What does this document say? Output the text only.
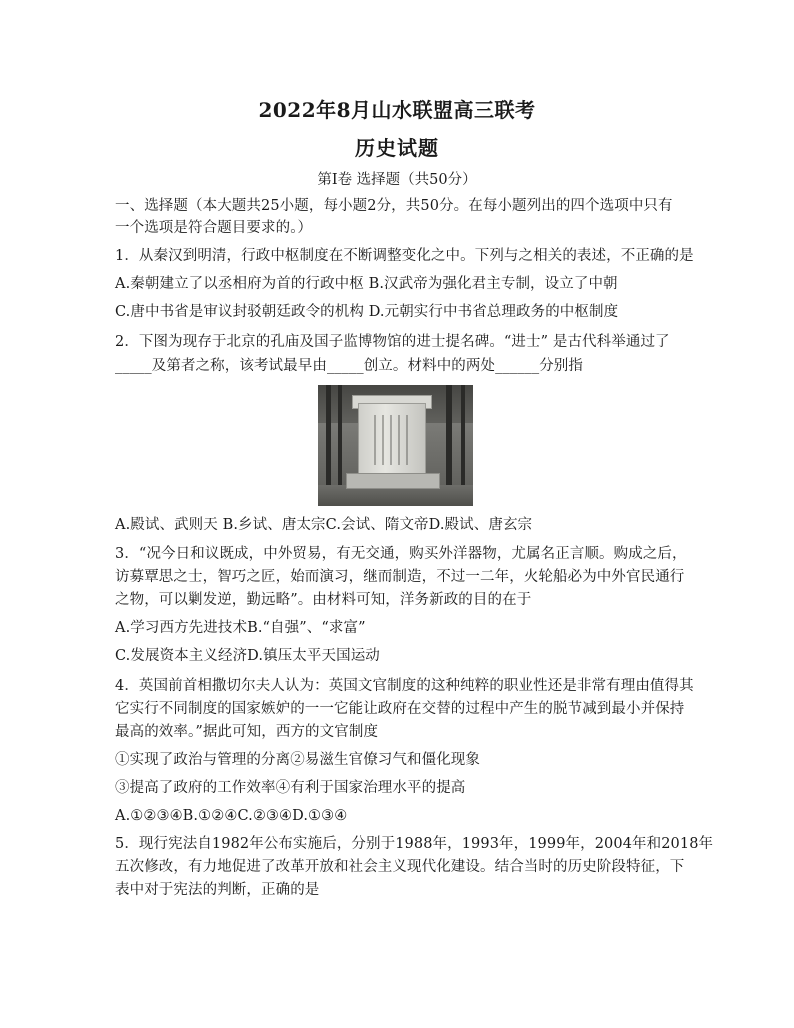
2022年8月山水联盟高三联考
历史试题
第Ⅰ卷 选择题（共50分）
一、选择题（本大题共25小题，每小题2分，共50分。在每小题列出的四个选项中只有
一个选项是符合题目要求的。）
1．从秦汉到明清，行政中枢制度在不断调整变化之中。下列与之相关的表述，不正确的是
A.秦朝建立了以丞相府为首的行政中枢 B.汉武帝为强化君主专制，设立了中朝
C.唐中书省是审议封驳朝廷政令的机构 D.元朝实行中书省总理政务的中枢制度
2．下图为现存于北京的孔庙及国子监博物馆的进士提名碑。“进士” 是古代科举通过了
_____及第者之称，该考试最早由_____创立。材料中的两处______分别指
A.殿试、武则天 B.乡试、唐太宗C.会试、隋文帝D.殿试、唐玄宗
3．“况今日和议既成，中外贸易，有无交通，购买外洋器物，尤属名正言顺。购成之后，
访募覃思之士，智巧之匠，始而演习，继而制造，不过一二年，火轮船必为中外官民通行
之物，可以剿发逆，勤远略”。由材料可知，洋务新政的目的在于
A.学习西方先进技术B.“自强”、“求富”
C.发展资本主义经济D.镇压太平天国运动
4．英国前首相撒切尔夫人认为：英国文官制度的这种纯粹的职业性还是非常有理由值得其
它实行不同制度的国家嫉妒的一一它能让政府在交替的过程中产生的脱节减到最小并保持
最高的效率。”据此可知，西方的文官制度
①实现了政治与管理的分离②易滋生官僚习气和僵化现象
③提高了政府的工作效率④有利于国家治理水平的提高
A.①②③④B.①②④C.②③④D.①③④
5．现行宪法自1982年公布实施后，分别于1988年，1993年，1999年，2004年和2018年
五次修改，有力地促进了改革开放和社会主义现代化建设。结合当时的历史阶段特征，下
表中对于宪法的判断，正确的是
